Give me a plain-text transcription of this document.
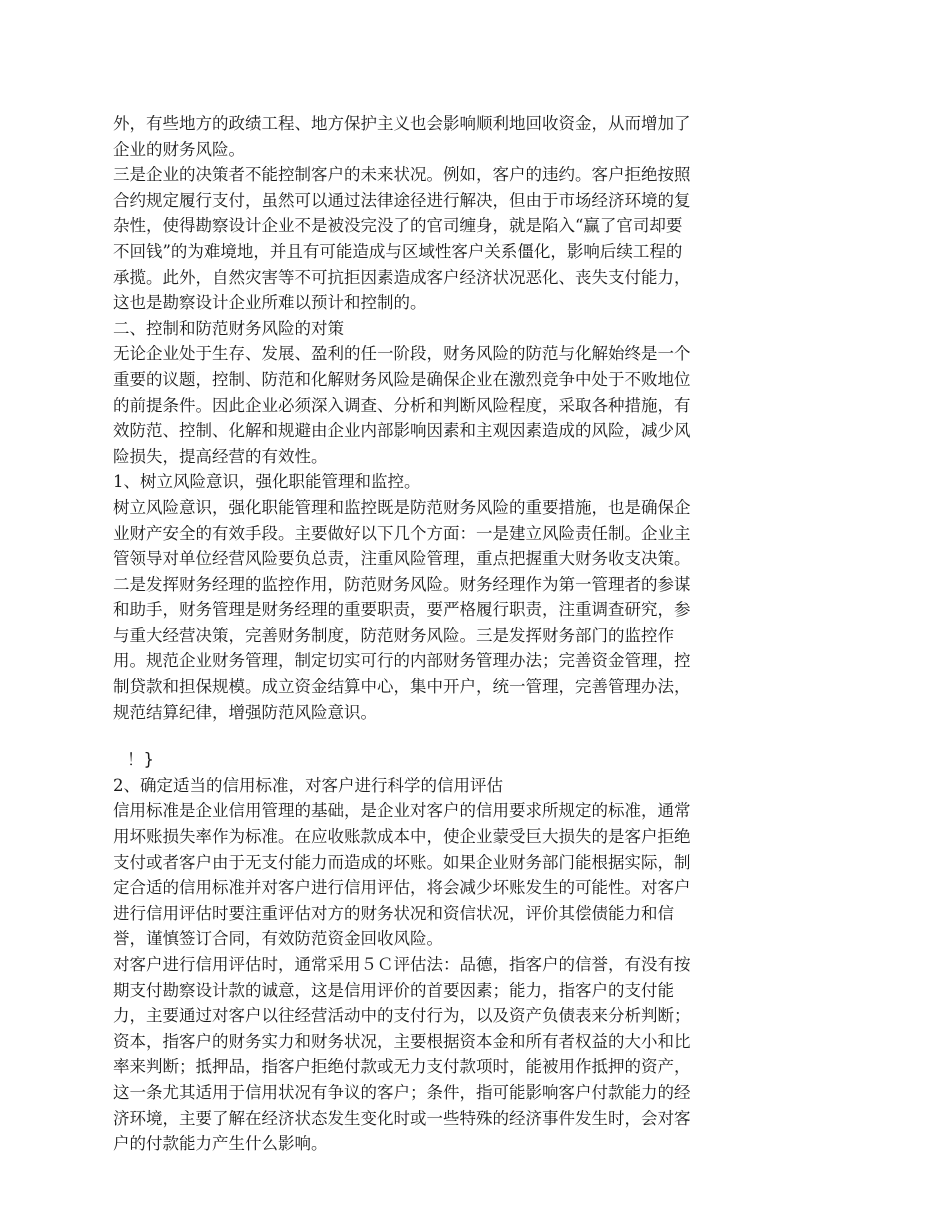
外，有些地方的政绩工程、地方保护主义也会影响顺利地回收资金，从而增加了
企业的财务风险。
三是企业的决策者不能控制客户的未来状况。例如，客户的违约。客户拒绝按照
合约规定履行支付，虽然可以通过法律途径进行解决，但由于市场经济环境的复
杂性，使得勘察设计企业不是被没完没了的官司缠身，就是陷入“赢了官司却要
不回钱”的为难境地，并且有可能造成与区域性客户关系僵化，影响后续工程的
承揽。此外，自然灾害等不可抗拒因素造成客户经济状况恶化、丧失支付能力，
这也是勘察设计企业所难以预计和控制的。
二、控制和防范财务风险的对策
无论企业处于生存、发展、盈利的任一阶段，财务风险的防范与化解始终是一个
重要的议题，控制、防范和化解财务风险是确保企业在激烈竞争中处于不败地位
的前提条件。因此企业必须深入调查、分析和判断风险程度，采取各种措施，有
效防范、控制、化解和规避由企业内部影响因素和主观因素造成的风险，减少风
险损失，提高经营的有效性。
1、树立风险意识，强化职能管理和监控。
树立风险意识，强化职能管理和监控既是防范财务风险的重要措施，也是确保企
业财产安全的有效手段。主要做好以下几个方面：一是建立风险责任制。企业主
管领导对单位经营风险要负总责，注重风险管理，重点把握重大财务收支决策。
二是发挥财务经理的监控作用，防范财务风险。财务经理作为第一管理者的参谋
和助手，财务管理是财务经理的重要职责，要严格履行职责，注重调查研究，参
与重大经营决策，完善财务制度，防范财务风险。三是发挥财务部门的监控作
用。规范企业财务管理，制定切实可行的内部财务管理办法；完善资金管理，控
制贷款和担保规模。成立资金结算中心，集中开户，统一管理，完善管理办法，
规范结算纪律，增强防范风险意识。
！}
2、确定适当的信用标准，对客户进行科学的信用评估
信用标准是企业信用管理的基础，是企业对客户的信用要求所规定的标准，通常
用坏账损失率作为标准。在应收账款成本中，使企业蒙受巨大损失的是客户拒绝
支付或者客户由于无支付能力而造成的坏账。如果企业财务部门能根据实际，制
定合适的信用标准并对客户进行信用评估，将会减少坏账发生的可能性。对客户
进行信用评估时要注重评估对方的财务状况和资信状况，评价其偿债能力和信
誉，谨慎签订合同，有效防范资金回收风险。
对客户进行信用评估时，通常采用５Ｃ评估法：品德，指客户的信誉，有没有按
期支付勘察设计款的诚意，这是信用评价的首要因素；能力，指客户的支付能
力，主要通过对客户以往经营活动中的支付行为，以及资产负债表来分析判断；
资本，指客户的财务实力和财务状况，主要根据资本金和所有者权益的大小和比
率来判断；抵押品，指客户拒绝付款或无力支付款项时，能被用作抵押的资产，
这一条尤其适用于信用状况有争议的客户；条件，指可能影响客户付款能力的经
济环境，主要了解在经济状态发生变化时或一些特殊的经济事件发生时，会对客
户的付款能力产生什么影响。
